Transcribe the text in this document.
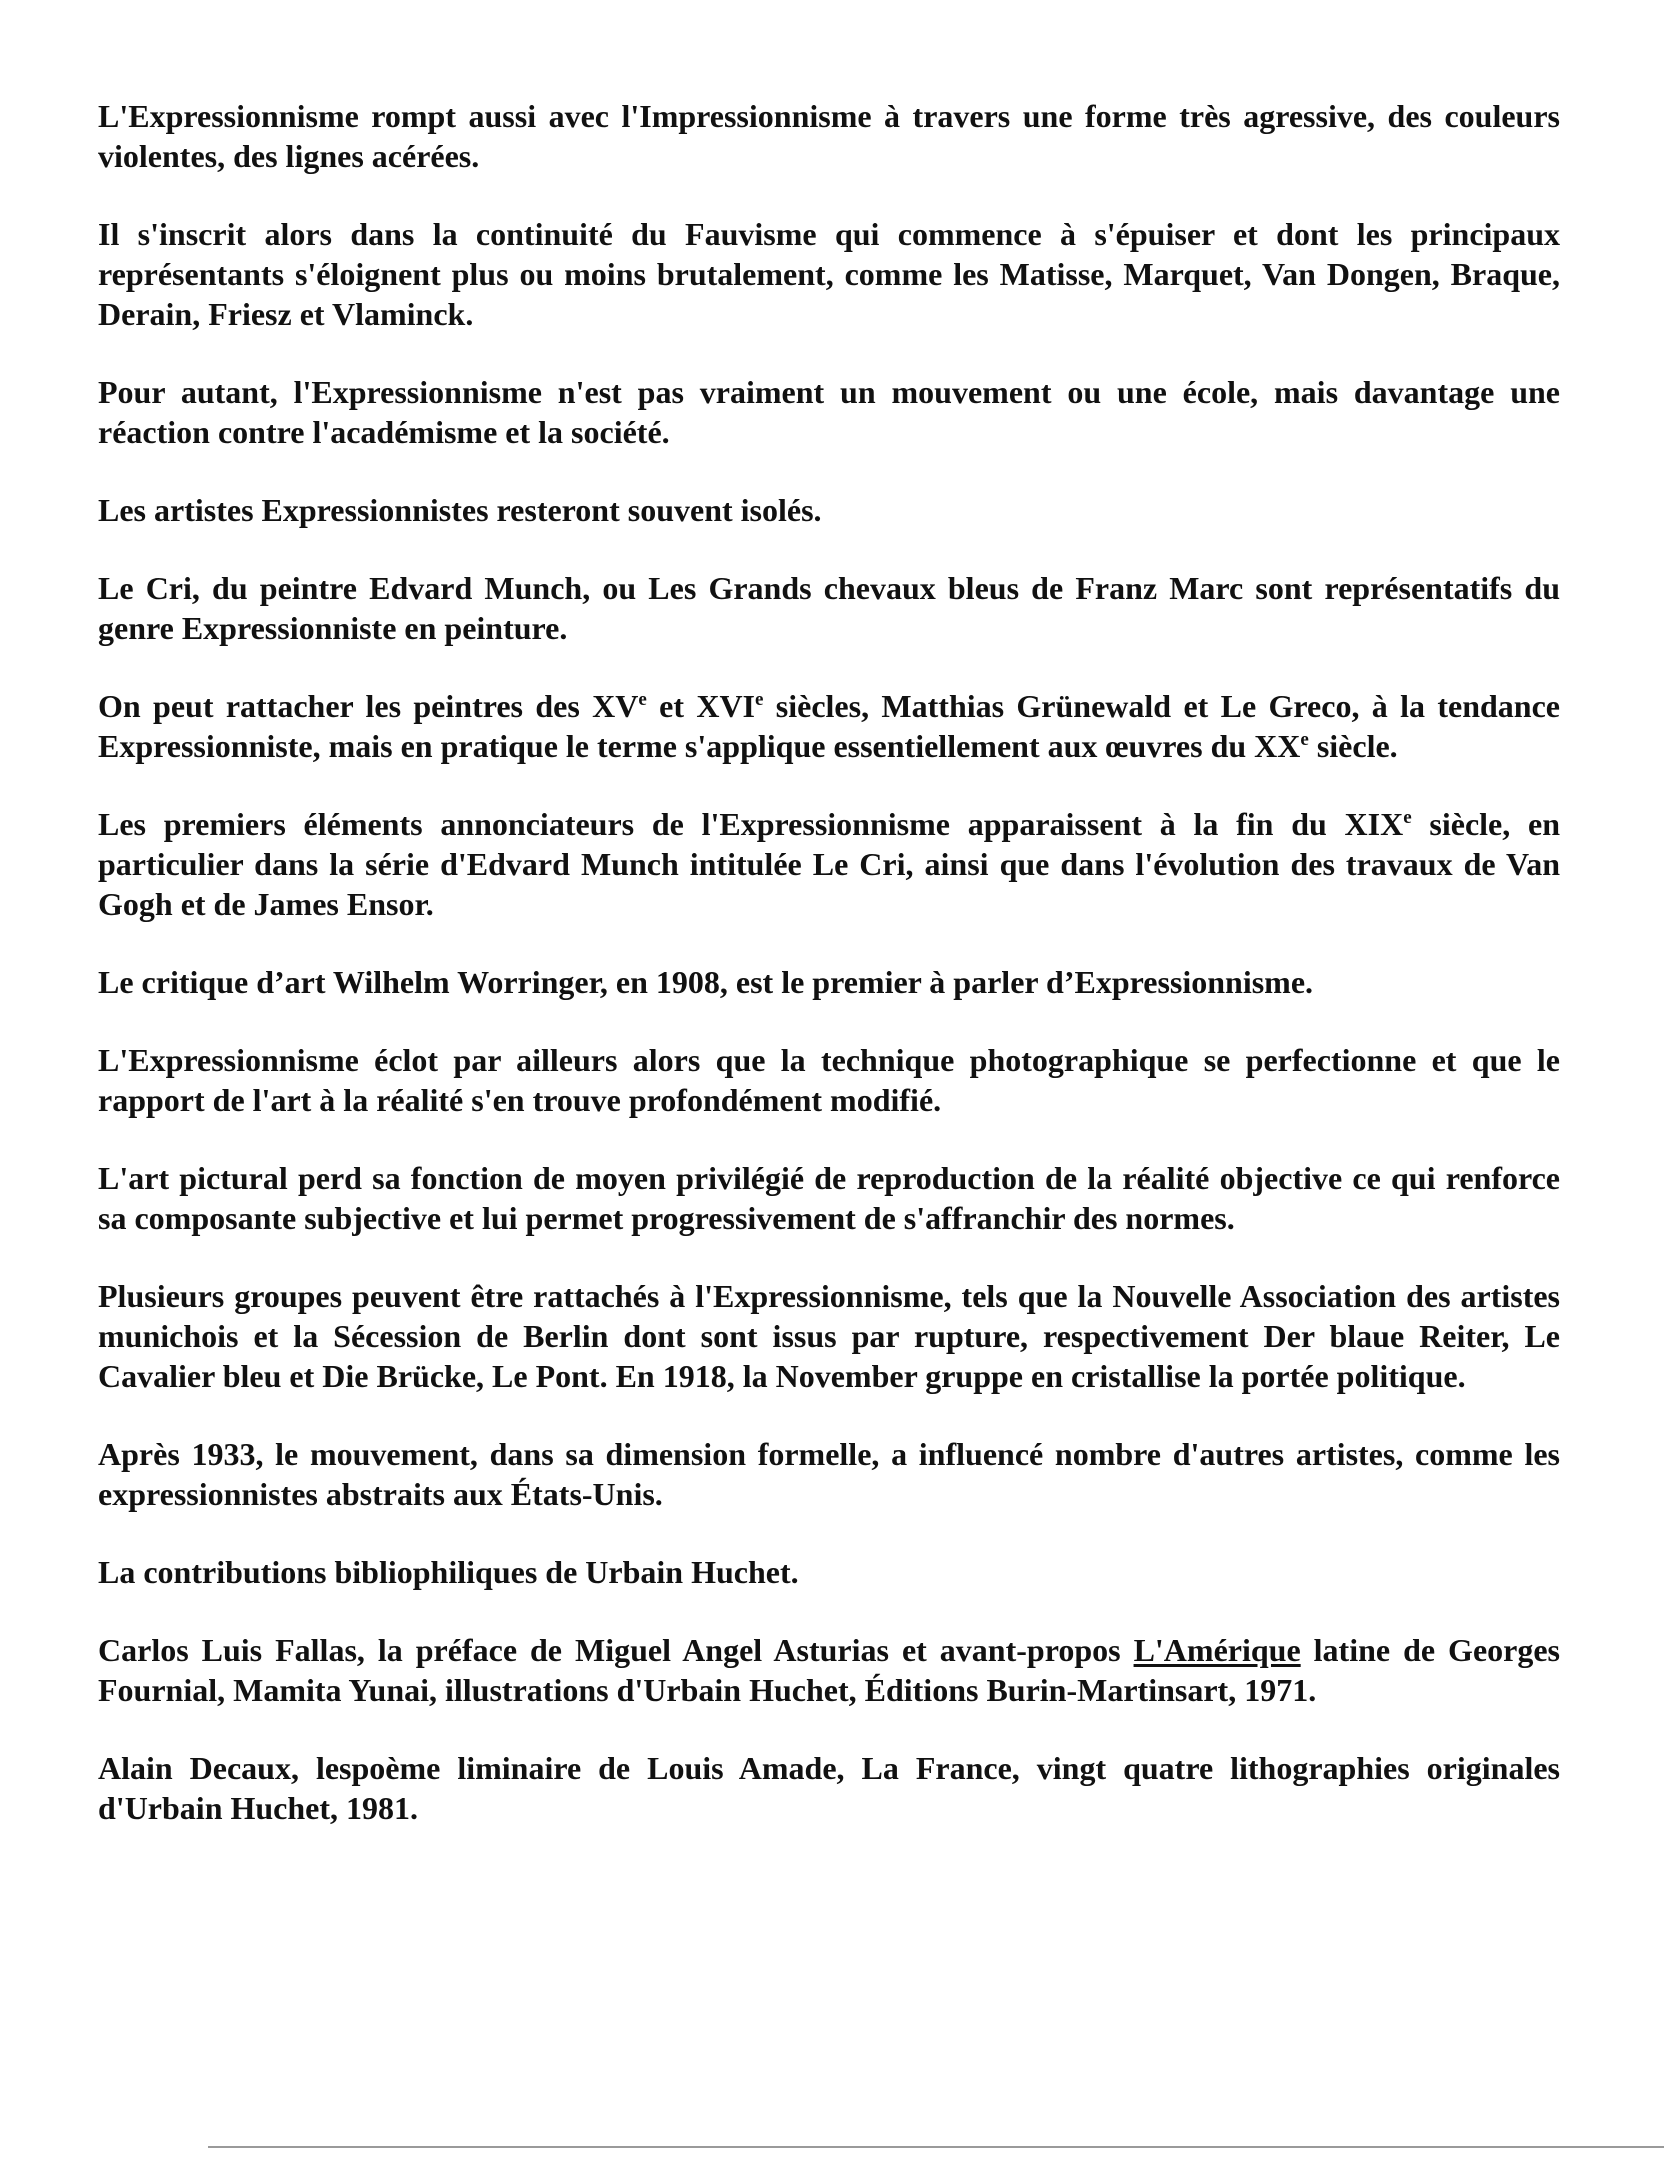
L'Expressionnisme rompt aussi avec l'Impressionnisme à travers une forme très agressive, des couleurs violentes, des lignes acérées.

Il s'inscrit alors dans la continuité du Fauvisme qui commence à s'épuiser et dont les principaux représentants s'éloignent plus ou moins brutalement, comme les Matisse, Marquet, Van Dongen, Braque, Derain, Friesz et Vlaminck.

Pour autant, l'Expressionnisme n'est pas vraiment un mouvement ou une école, mais davantage une réaction contre l'académisme et la société.

Les artistes Expressionnistes resteront souvent isolés.

Le Cri, du peintre Edvard Munch, ou Les Grands chevaux bleus de Franz Marc sont représentatifs du genre Expressionniste en peinture.

On peut rattacher les peintres des XVe et XVIe siècles, Matthias Grünewald et Le Greco, à la tendance Expressionniste, mais en pratique le terme s'applique essentiellement aux œuvres du XXe siècle.

Les premiers éléments annonciateurs de l'Expressionnisme apparaissent à la fin du XIXe siècle, en particulier dans la série d'Edvard Munch intitulée Le Cri, ainsi que dans l'évolution des travaux de Van Gogh et de James Ensor.

Le critique d’art Wilhelm Worringer, en 1908, est le premier à parler d’Expressionnisme.

L'Expressionnisme éclot par ailleurs alors que la technique photographique se perfectionne et que le rapport de l'art à la réalité s'en trouve profondément modifié.

L'art pictural perd sa fonction de moyen privilégié de reproduction de la réalité objective ce qui renforce sa composante subjective et lui permet progressivement de s'affranchir des normes.

Plusieurs groupes peuvent être rattachés à l'Expressionnisme, tels que la Nouvelle Association des artistes munichois et la Sécession de Berlin dont sont issus par rupture, respectivement Der blaue Reiter, Le Cavalier bleu et Die Brücke, Le Pont. En 1918, la November gruppe en cristallise la portée politique.

Après 1933, le mouvement, dans sa dimension formelle, a influencé nombre d'autres artistes, comme les expressionnistes abstraits aux États-Unis.

La contributions bibliophiliques de Urbain Huchet.

Carlos Luis Fallas, la préface de Miguel Angel Asturias et avant-propos L'Amérique latine de Georges Fournial, Mamita Yunai, illustrations d'Urbain Huchet, Éditions Burin-Martinsart, 1971.

Alain Decaux, lespoème liminaire de Louis Amade, La France, vingt quatre lithographies originales d'Urbain Huchet, 1981.
